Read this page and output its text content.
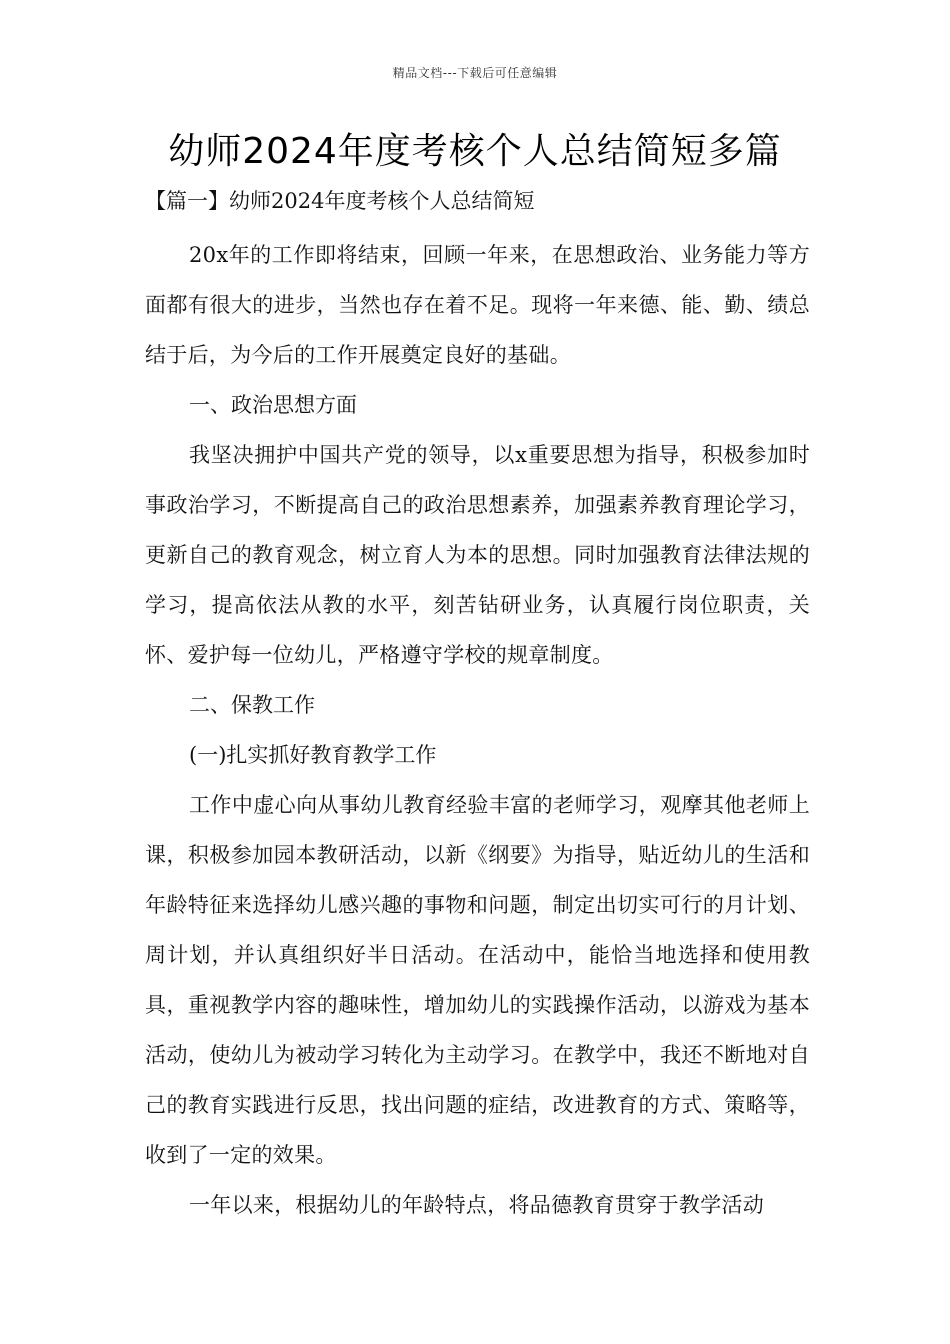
精品文档---下载后可任意编辑
幼师2024年度考核个人总结简短多篇

【篇一】幼师2024年度考核个人总结简短

20x年的工作即将结束，回顾一年来，在思想政治、业务能力等方面都有很大的进步，当然也存在着不足。现将一年来德、能、勤、绩总结于后，为今后的工作开展奠定良好的基础。

一、政治思想方面

我坚决拥护中国共产党的领导，以x重要思想为指导，积极参加时事政治学习，不断提高自己的政治思想素养，加强素养教育理论学习，更新自己的教育观念，树立育人为本的思想。同时加强教育法律法规的学习，提高依法从教的水平，刻苦钻研业务，认真履行岗位职责，关怀、爱护每一位幼儿，严格遵守学校的规章制度。

二、保教工作

(一)扎实抓好教育教学工作

工作中虚心向从事幼儿教育经验丰富的老师学习，观摩其他老师上课，积极参加园本教研活动，以新《纲要》为指导，贴近幼儿的生活和年龄特征来选择幼儿感兴趣的事物和问题，制定出切实可行的月计划、周计划，并认真组织好半日活动。在活动中，能恰当地选择和使用教具，重视教学内容的趣味性，增加幼儿的实践操作活动，以游戏为基本活动，使幼儿为被动学习转化为主动学习。在教学中，我还不断地对自己的教育实践进行反思，找出问题的症结，改进教育的方式、策略等，收到了一定的效果。

一年以来，根据幼儿的年龄特点，将品德教育贯穿于教学活动
